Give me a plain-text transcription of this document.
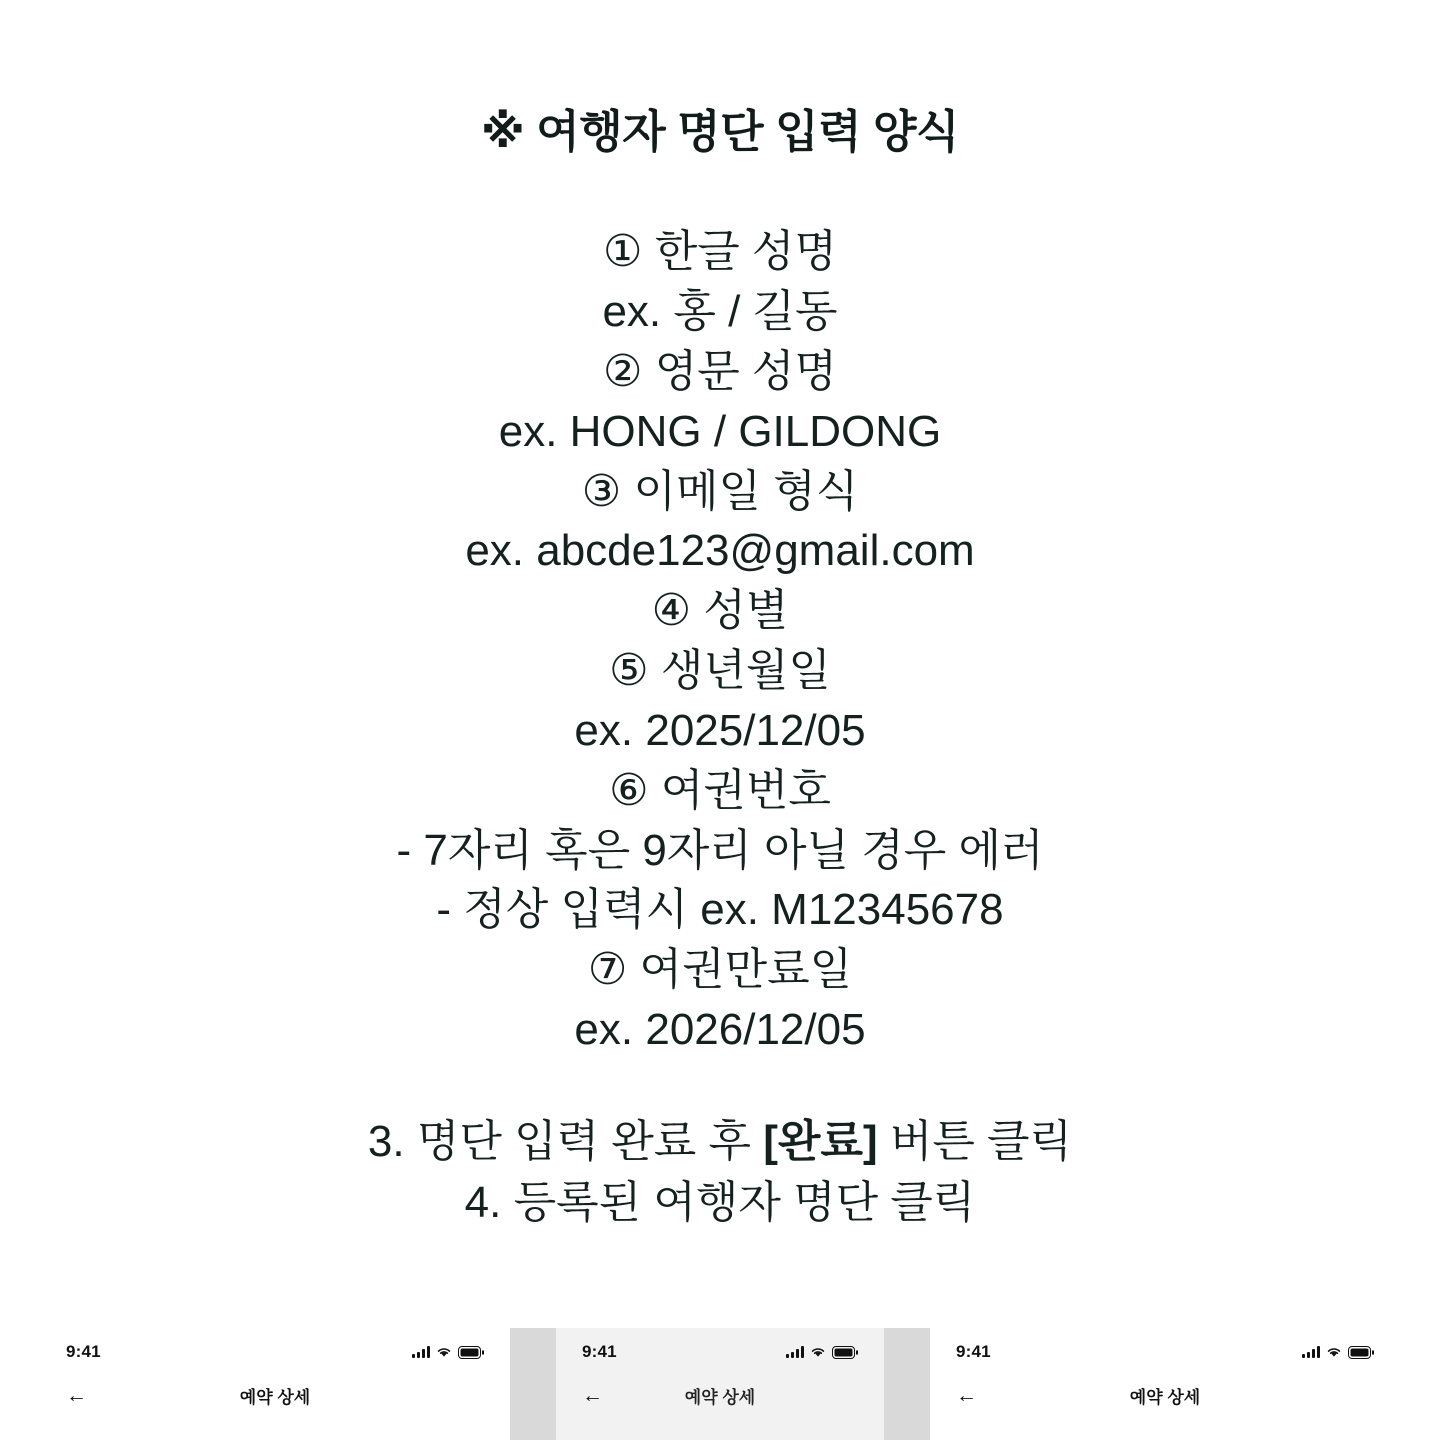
※ 여행자 명단 입력 양식
① 한글 성명
ex. 홍 / 길동
② 영문 성명
ex. HONG / GILDONG
③ 이메일 형식
ex. abcde123@gmail.com
④ 성별
⑤ 생년월일
ex. 2025/12/05
⑥ 여권번호
- 7자리 혹은 9자리 아닐 경우 에러
- 정상 입력시 ex. M12345678
⑦ 여권만료일
ex. 2026/12/05
3. 명단 입력 완료 후 [완료] 버튼 클릭
4. 등록된 여행자 명단 클릭
9:41
←	예약 상세
9:41
←	예약 상세
9:41
←	예약 상세
